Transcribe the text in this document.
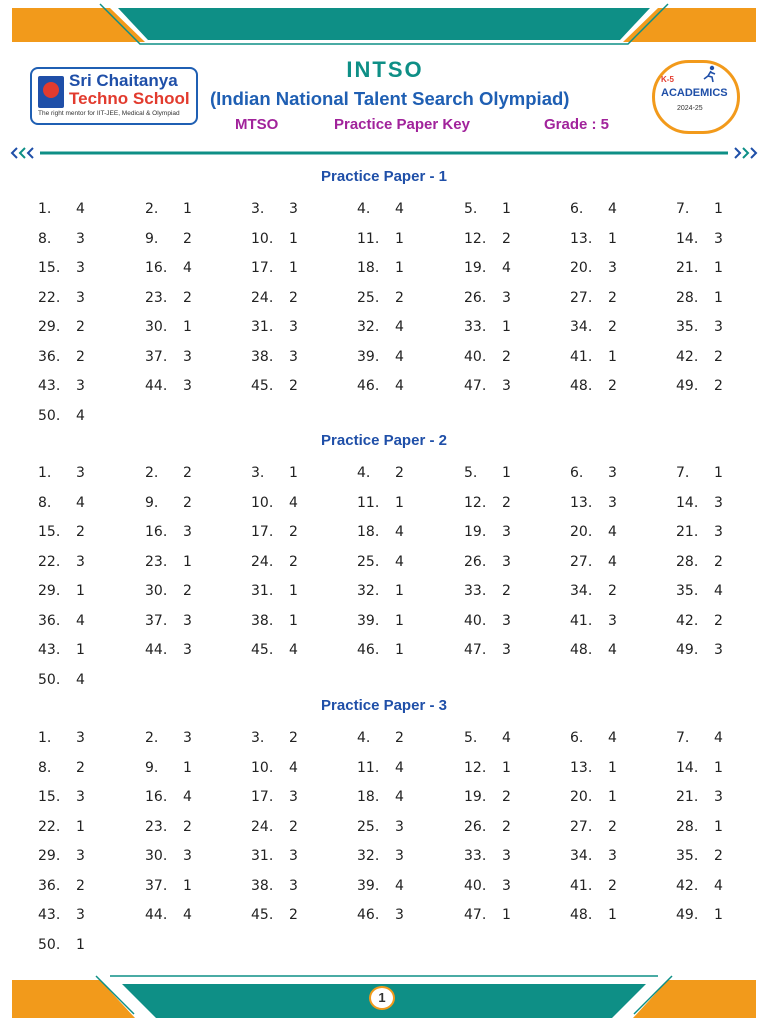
Sri Chaitanya
Techno School
The right mentor for IIT-JEE, Medical & Olympiad
INTSO
(Indian National Talent Search Olympiad)
MTSO	Practice Paper Key	Grade : 5
K-5
ACADEMICS
2024-25
Practice Paper - 1
1. 4	2. 1	3. 3	4. 4	5. 1	6. 4	7. 1
8. 3	9. 2	10. 1	11. 1	12. 2	13. 1	14. 3
15. 3	16. 4	17. 1	18. 1	19. 4	20. 3	21. 1
22. 3	23. 2	24. 2	25. 2	26. 3	27. 2	28. 1
29. 2	30. 1	31. 3	32. 4	33. 1	34. 2	35. 3
36. 2	37. 3	38. 3	39. 4	40. 2	41. 1	42. 2
43. 3	44. 3	45. 2	46. 4	47. 3	48. 2	49. 2
50. 4
Practice Paper - 2
1. 3	2. 2	3. 1	4. 2	5. 1	6. 3	7. 1
8. 4	9. 2	10. 4	11. 1	12. 2	13. 3	14. 3
15. 2	16. 3	17. 2	18. 4	19. 3	20. 4	21. 3
22. 3	23. 1	24. 2	25. 4	26. 3	27. 4	28. 2
29. 1	30. 2	31. 1	32. 1	33. 2	34. 2	35. 4
36. 4	37. 3	38. 1	39. 1	40. 3	41. 3	42. 2
43. 1	44. 3	45. 4	46. 1	47. 3	48. 4	49. 3
50. 4
Practice Paper - 3
1. 3	2. 3	3. 2	4. 2	5. 4	6. 4	7. 4
8. 2	9. 1	10. 4	11. 4	12. 1	13. 1	14. 1
15. 3	16. 4	17. 3	18. 4	19. 2	20. 1	21. 3
22. 1	23. 2	24. 2	25. 3	26. 2	27. 2	28. 1
29. 3	30. 3	31. 3	32. 3	33. 3	34. 3	35. 2
36. 2	37. 1	38. 3	39. 4	40. 3	41. 2	42. 4
43. 3	44. 4	45. 2	46. 3	47. 1	48. 1	49. 1
50. 1
1
